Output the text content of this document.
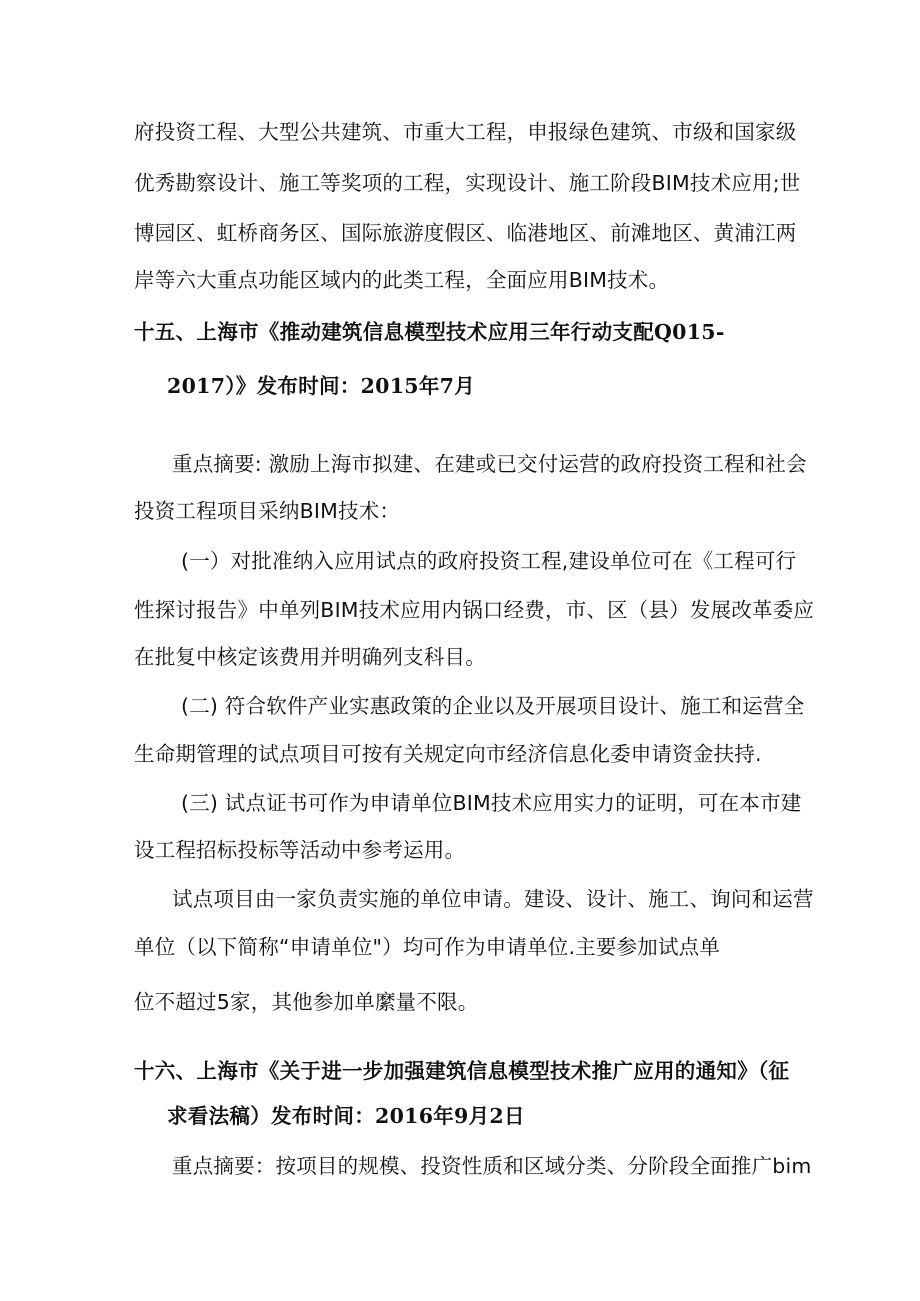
府投资工程、大型公共建筑、市重大工程，申报绿色建筑、市级和国家级
优秀勘察设计、施工等奖项的工程，实现设计、施工阶段BIM技术应用;世
博园区、虹桥商务区、国际旅游度假区、临港地区、前滩地区、黄浦江两
岸等六大重点功能区域内的此类工程，全面应用BIM技术。
十五、上海市《推动建筑信息模型技术应用三年行动支配Q015-
2017）》发布时间：2015年7月
重点摘要: 激励上海市拟建、在建或已交付运营的政府投资工程和社会
投资工程项目采纳BIM技术：
(一）对批准纳入应用试点的政府投资工程,建设单位可在《工程可行
性探讨报告》中单列BIM技术应用内锅口经费，市、区（县）发展改革委应
在批复中核定该费用并明确列支科目。
(二) 符合软件产业实惠政策的企业以及开展项目设计、施工和运营全
生命期管理的试点项目可按有关规定向市经济信息化委申请资金扶持.
(三) 试点证书可作为申请单位BIM技术应用实力的证明，可在本市建
设工程招标投标等活动中参考运用。
试点项目由一家负责实施的单位申请。建设、设计、施工、询问和运营
单位（以下简称“申请单位"）均可作为申请单位.主要参加试点单
位不超过5家，其他参加单縻量不限。
十六、上海市《关于进一步加强建筑信息模型技术推广应用的通知》（征
求看法稿）发布时间：2016年9月2日
重点摘要：按项目的规模、投资性质和区域分类、分阶段全面推广bim
